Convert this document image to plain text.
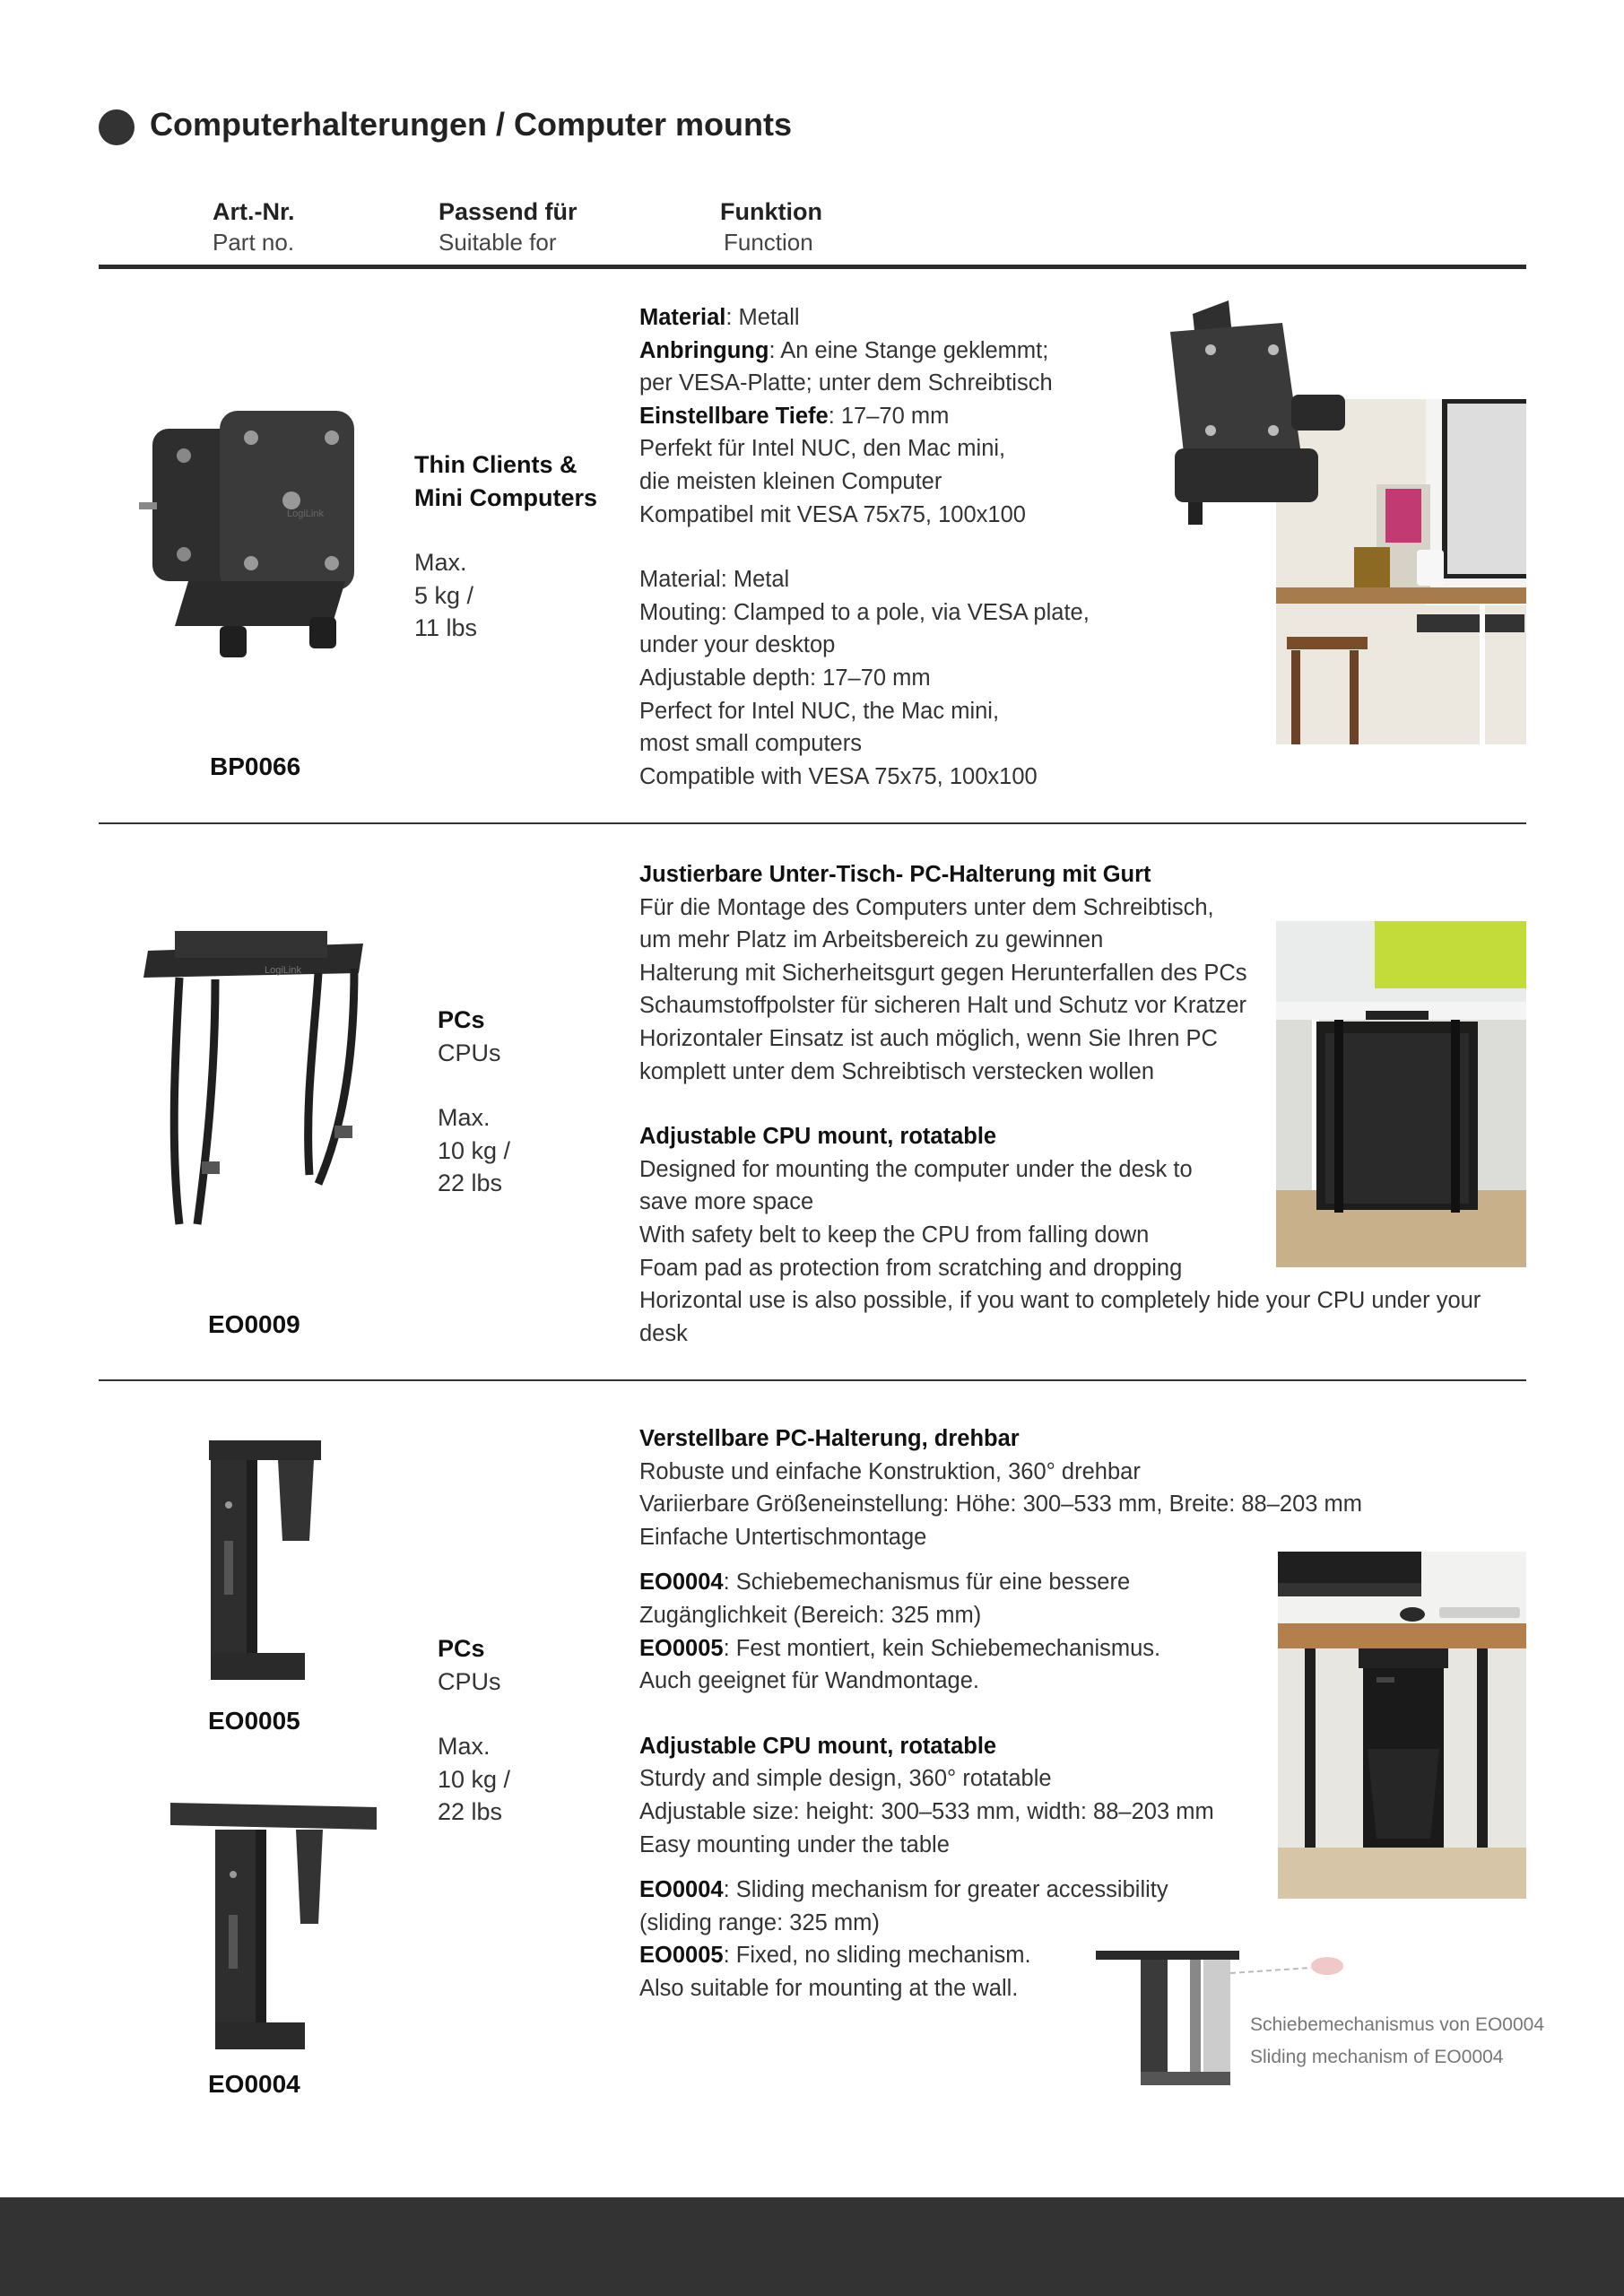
Computerhalterungen / Computer mounts
Art.-Nr.
Part no.
Passend für
Suitable for
Funktion
Function
LogiLink
BP0066
Thin Clients &
Mini Computers
Max.
5 kg /
11 lbs

Material: Metall

Anbringung: An eine Stange geklemmt;

per VESA-Platte; unter dem Schreibtisch

Einstellbare Tiefe: 17–70 mm

Perfekt für Intel NUC, den Mac mini,

die meisten kleinen Computer

Kompatibel mit VESA 75x75, 100x100

Material: Metal

Mouting: Clamped to a pole, via VESA plate,

under your desktop

Adjustable depth: 17–70 mm

Perfect for Intel NUC, the Mac mini,

most small computers

Compatible with VESA 75x75, 100x100

LogiLink
EO0009
PCs
CPUs
Max.
10 kg /
22 lbs

Justierbare Unter-Tisch- PC-Halterung mit Gurt

Für die Montage des Computers unter dem Schreibtisch,

um mehr Platz im Arbeitsbereich zu gewinnen

Halterung mit Sicherheitsgurt gegen Herunterfallen des PCs

Schaumstoffpolster für sicheren Halt und Schutz vor Kratzer

Horizontaler Einsatz ist auch möglich, wenn Sie Ihren PC

komplett unter dem Schreibtisch verstecken wollen

Adjustable CPU mount, rotatable

Designed for mounting the computer under the desk to

save more space

With safety belt to keep the CPU from falling down

Foam pad as protection from scratching and dropping

Horizontal use is also possible, if you want to completely hide your CPU under your

desk

EO0005
EO0004
PCs
CPUs
Max.
10 kg /
22 lbs

Verstellbare PC-Halterung, drehbar

Robuste und einfache Konstruktion, 360° drehbar

Variierbare Größeneinstellung: Höhe: 300–533 mm, Breite: 88–203 mm

Einfache Untertischmontage

EO0004: Schiebemechanismus für eine bessere

Zugänglichkeit (Bereich: 325 mm)

EO0005: Fest montiert, kein Schiebemechanismus.

Auch geeignet für Wandmontage.

Adjustable CPU mount, rotatable

Sturdy and simple design, 360° rotatable

Adjustable size: height: 300–533 mm, width: 88–203 mm

Easy mounting under the table

EO0004: Sliding mechanism for greater accessibility

(sliding range: 325 mm)

EO0005: Fixed, no sliding mechanism.

Also suitable for mounting at the wall.

Schiebemechanismus von EO0004
Sliding mechanism of EO0004
